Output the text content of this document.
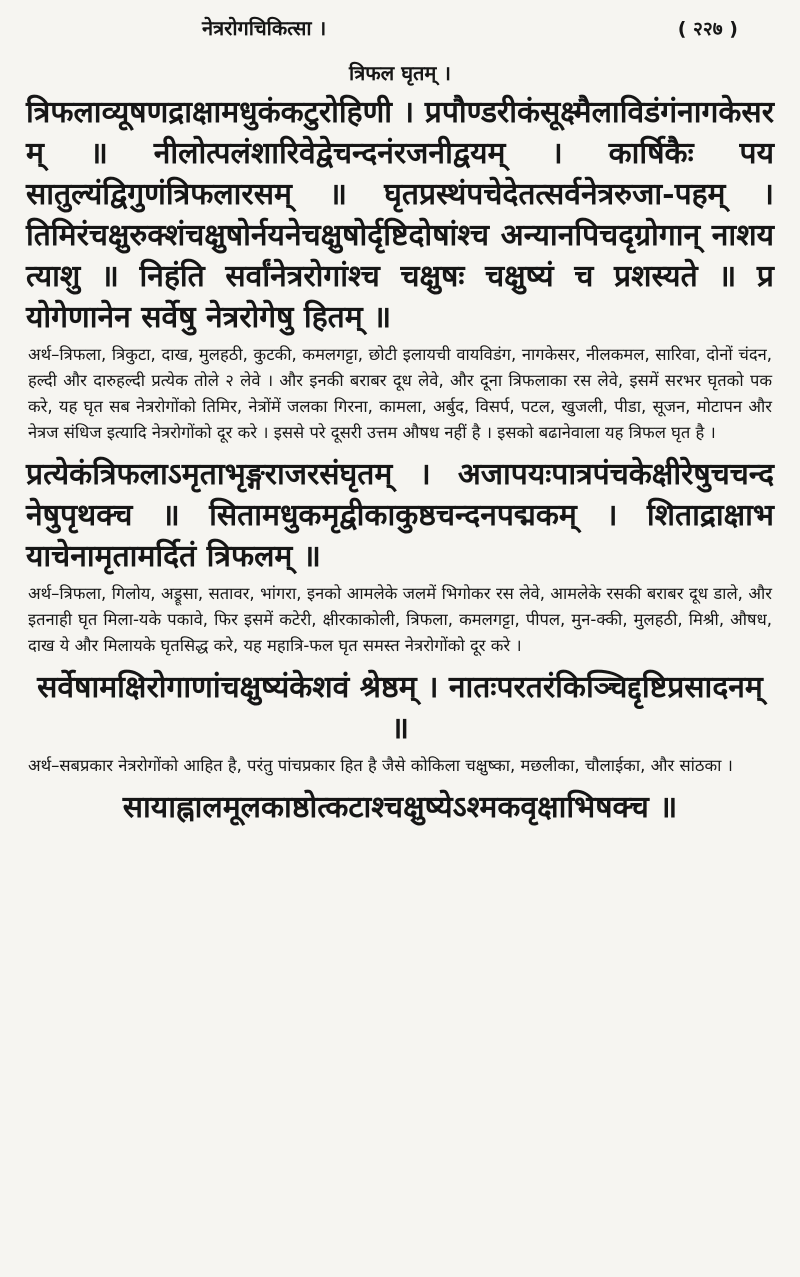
नेत्ररोगचिकित्सा ।	( २२७ )
त्रिफल घृतम् ।
त्रिफलाव्यूषणद्राक्षामधुकंकटुरोहिणी । प्रपौण्डरीकंसूक्ष्मैलाविडंगंनागकेसरम् ॥ नीलोत्पलंशारिवेद्वेचन्दनंरजनीद्वयम् । कार्षिकैः पयसातुल्यंद्विगुणंत्रिफलारसम् ॥ घृतप्रस्थंपचेदेतत्सर्वनेत्ररुजा-पहम् । तिमिरंचक्षुरुक्शंचक्षुषोर्नयनेचक्षुषोर्दृष्टिदोषांश्च अन्यानपिचदृग्रोगान् नाशयत्याशु ॥ निहंति सर्वांनेत्ररोगांश्च चक्षुषः चक्षुष्यं च प्रशस्यते ॥ प्रयोगेणानेन सर्वेषु नेत्ररोगेषु हितम् ॥
अर्थ–त्रिफला, त्रिकुटा, दाख, मुलहठी, कुटकी, कमलगट्टा, छोटी इलायची वायविडंग, नागकेसर, नीलकमल, सारिवा, दोनों चंदन, हल्दी और दारुहल्दी प्रत्येक तोले २ लेवे । और इनकी बराबर दूध लेवे, और दूना त्रिफलाका रस लेवे, इसमें सरभर घृतको पक करे, यह घृत सब नेत्ररोगोंको तिमिर, नेत्रोंमें जलका गिरना, कामला, अर्बुद, विसर्प, पटल, खुजली, पीडा, सूजन, मोटापन और नेत्रज संधिज इत्यादि नेत्ररोगोंको दूर करे । इससे परे दूसरी उत्तम औषध नहीं है । इसको बढानेवाला यह त्रिफल घृत है ।
प्रत्येकंत्रिफलाऽमृताभृङ्गराजरसंघृतम् । अजापयःपात्रपंचकेक्षीरेषुचचन्दनेषुपृथक्च ॥ सितामधुकमृद्वीकाकुष्ठचन्दनपद्मकम् । शिताद्राक्षाभयाचेनामृतामर्दितं त्रिफलम् ॥
अर्थ–त्रिफला, गिलोय, अड्रूसा, सतावर, भांगरा, इनको आमलेके जलमें भिगोकर रस लेवे, आमलेके रसकी बराबर दूध डाले, और इतनाही घृत मिला-यके पकावे, फिर इसमें कटेरी, क्षीरकाकोली, त्रिफला, कमलगट्टा, पीपल, मुन-क्की, मुलहठी, मिश्री, औषध, दाख ये और मिलायके घृतसिद्ध करे, यह महात्रि-फल घृत समस्त नेत्ररोगोंको दूर करे ।
सर्वेषामक्षिरोगाणांचक्षुष्यंकेशवं श्रेष्ठम् । नातःपरतरंकिञ्चिद्दृष्टिप्रसादनम् ॥
अर्थ–सबप्रकार नेत्ररोगोंको आहित है, परंतु पांचप्रकार हित है जैसे कोकिला चक्षुष्का, मछलीका, चौलाईका, और सांठका ।
सायाह्नालमूलकाष्ठोत्कटाश्चक्षुष्येऽश्मकवृक्षाभिषक्च ॥
